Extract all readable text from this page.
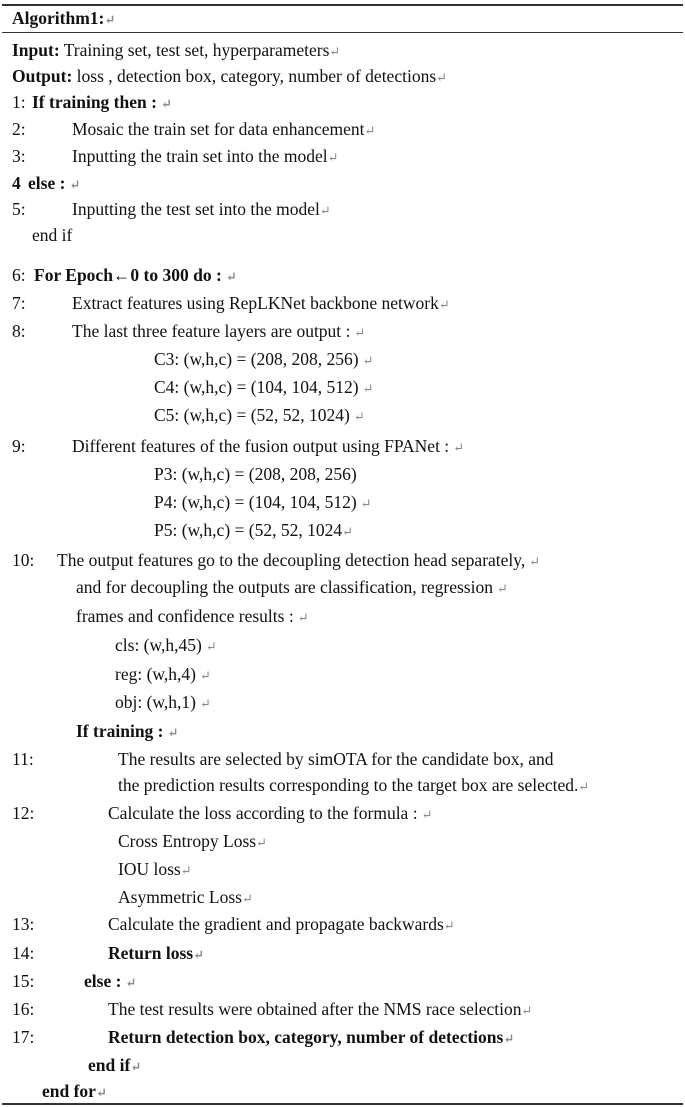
Algorithm1:↵
Input: Training set, test set, hyperparameters↵
Output: loss , detection box, category, number of detections↵
1: If training then : ↵
2:	Mosaic the train set for data enhancement↵
3:	Inputting the train set into the model↵
4 else : ↵
5:	Inputting the test set into the model↵
end if
6: For Epoch←0 to 300 do : ↵
7:	Extract features using RepLKNet backbone network↵
8:	The last three feature layers are output : ↵
C3: (w,h,c) = (208, 208, 256) ↵
C4: (w,h,c) = (104, 104, 512) ↵
C5: (w,h,c) = (52, 52, 1024) ↵
9:	Different features of the fusion output using FPANet : ↵
P3: (w,h,c) = (208, 208, 256)
P4: (w,h,c) = (104, 104, 512) ↵
P5: (w,h,c) = (52, 52, 1024↵
10: The output features go to the decoupling detection head separately, ↵
and for decoupling the outputs are classification, regression ↵
frames and confidence results : ↵
cls: (w,h,45) ↵
reg: (w,h,4) ↵
obj: (w,h,1) ↵
If training : ↵
11:	The results are selected by simOTA for the candidate box, and
the prediction results corresponding to the target box are selected.↵
12:	Calculate the loss according to the formula : ↵
Cross Entropy Loss↵
IOU loss↵
Asymmetric Loss↵
13:	Calculate the gradient and propagate backwards↵
14:	Return loss↵
15:	else : ↵
16:	The test results were obtained after the NMS race selection↵
17:	Return detection box, category, number of detections↵
end if↵
end for↵
